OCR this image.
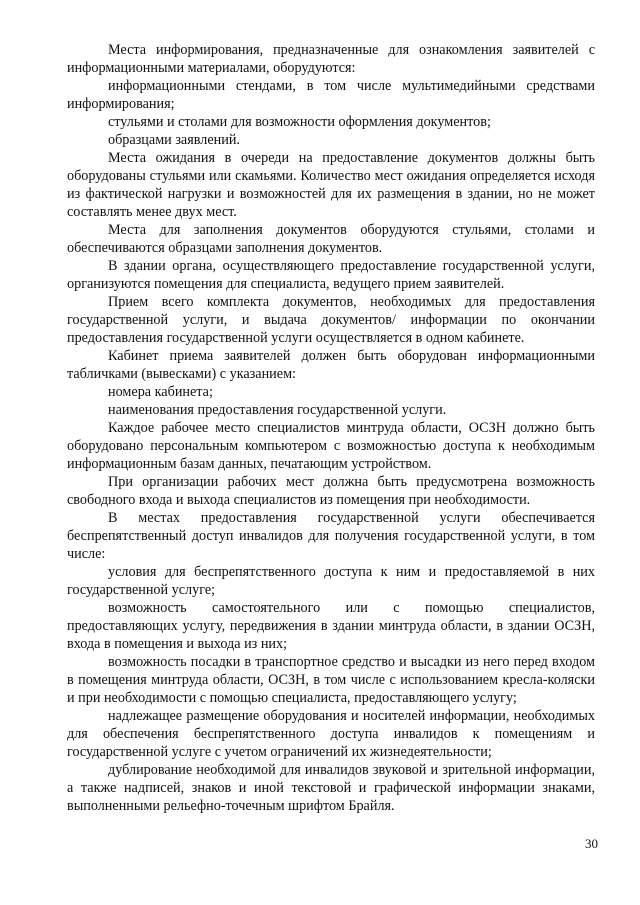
Места информирования, предназначенные для ознакомления заявителей с информационными материалами, оборудуются:

информационными стендами, в том числе мультимедийными средствами информирования;

стульями и столами для возможности оформления документов;

образцами заявлений.

Места ожидания в очереди на предоставление документов должны быть оборудованы стульями или скамьями. Количество мест ожидания определяется исходя из фактической нагрузки и возможностей для их размещения в здании, но не может составлять менее двух мест.

Места для заполнения документов оборудуются стульями, столами и обеспечиваются образцами заполнения документов.

В здании органа, осуществляющего предоставление государственной услуги, организуются помещения для специалиста, ведущего прием заявителей.

Прием всего комплекта документов, необходимых для предоставления государственной услуги, и выдача документов/ информации по окончании предоставления государственной услуги осуществляется в одном кабинете.

Кабинет приема заявителей должен быть оборудован информационными табличками (вывесками) с указанием:

номера кабинета;

наименования предоставления государственной услуги.

Каждое рабочее место специалистов минтруда области, ОСЗН должно быть оборудовано персональным компьютером с возможностью доступа к необходимым информационным базам данных, печатающим устройством.

При организации рабочих мест должна быть предусмотрена возможность свободного входа и выхода специалистов из помещения при необходимости.

В местах предоставления государственной услуги обеспечивается беспрепятственный доступ инвалидов для получения государственной услуги, в том числе:

условия для беспрепятственного доступа к ним и предоставляемой в них государственной услуге;

возможность самостоятельного или с помощью специалистов, предоставляющих услугу, передвижения в здании минтруда области, в здании ОСЗН, входа в помещения и выхода из них;

возможность посадки в транспортное средство и высадки из него перед входом в помещения минтруда области, ОСЗН, в том числе с использованием кресла-коляски и при необходимости с помощью специалиста, предоставляющего услугу;

надлежащее размещение оборудования и носителей информации, необходимых для обеспечения беспрепятственного доступа инвалидов к помещениям и государственной услуге с учетом ограничений их жизнедеятельности;

дублирование необходимой для инвалидов звуковой и зрительной информации, а также надписей, знаков и иной текстовой и графической информации знаками, выполненными рельефно-точечным шрифтом Брайля.

30
